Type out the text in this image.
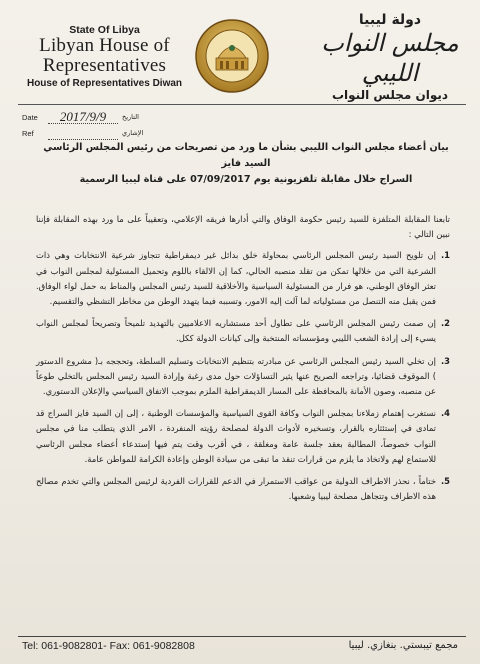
State Of Libya
Libyan House of
Representatives
House of Representatives Diwan
دولة ليبيا
مجلس النواب الليبي
ديوان مجلس النواب
Date	2017/9/9	التاريخ
Ref	الإشاري
بيان أعضاء مجلس النواب الليبي بشأن ما ورد من تصريحات من رئيس المجلس الرئاسي السيد فايز
السراج خلال مقابلة تلفزيونية يوم 07/09/2017 على قناة ليبيا الرسمية

تابعنا المقابلة المتلفزة للسيد رئيس حكومة الوفاق والتي أدارها فريقه الإعلامي، وتعقيباً على ما ورد بهذه المقابلة فإننا نبين التالي :

1.
إن تلويح السيد رئيس المجلس الرئاسي بمحاولة خلق بدائل غير ديمقراطية تتجاوز شرعية الانتخابات وهي ذات الشرعية التي من خلالها تمكن من تقلد منصبه الحالي، كما إن الالقاء باللوم وتحميل المسئولية لمجلس النواب في تعثر الوفاق الوطني، هو فرار من المسئولية السياسية والأخلاقية للسيد رئيس المجلس والمناط به حمل لواء الوفاق. فمن يقبل منه التنصل من مسئولياته لما آلت إليه الامور، وتسببه فيما يتهدد الوطن من مخاطر التشظي والتقسيم.
2.
إن صمت رئيس المجلس الرئاسي على تطاول أحد مستشاريه الاعلاميين بالتهديد تلميحاً وتصريحاً لمجلس النواب يسيء إلى إرادة الشعب الليبي ومؤسساته المنتخبة وإلى كيانات الدولة ككل.
3.
إن تخلي السيد رئيس المجلس الرئاسي عن مبادرته بتنظيم الانتخابات وتسليم السلطة، وتحججه بـ( مشروع الدستور ) الموقوف قضائيا، وتراجعه الصريح عنها يثير التساؤلات حول مدى رغبة وإرادة السيد رئيس المجلس بالتخلي طوعاً عن منصبه، وصون الأمانة بالمحافظة على المسار الديمقراطية الملزم بموجب الاتفاق السياسي والإعلان الدستوري.
4.
نستغرب إهتمام زملاءنا بمجلس النواب وكافة القوى السياسية والمؤسسات الوطنية ، إلى إن السيد فايز السراج قد تمادى في إستئثاره بالقرار، وتسخيره لأدوات الدولة لمصلحة رؤيته المنفردة ، الامر الذي يتطلب منا في مجلس النواب خصوصاً، المطالبة بعقد جلسة عامة ومغلقة ، في أقرب وقت يتم فيها إستدعاء أعضاء مجلس الرئاسي للاستماع لهم ولاتخاذ ما يلزم من قرارات تنقذ ما تبقى من سيادة الوطن وإعادة الكرامة للمواطن عامة.
5.
ختاماً ، نحذر الاطراف الدولية من عواقب الاستمرار في الدعم للقرارات الفردية لرئيس المجلس والتي تخدم مصالح هذه الاطراف وتتجاهل مصلحة ليبيا وشعبها.
Tel: 061-9082801- Fax: 061-9082808	مجمع تيبستي. بنغازي. ليبيا
